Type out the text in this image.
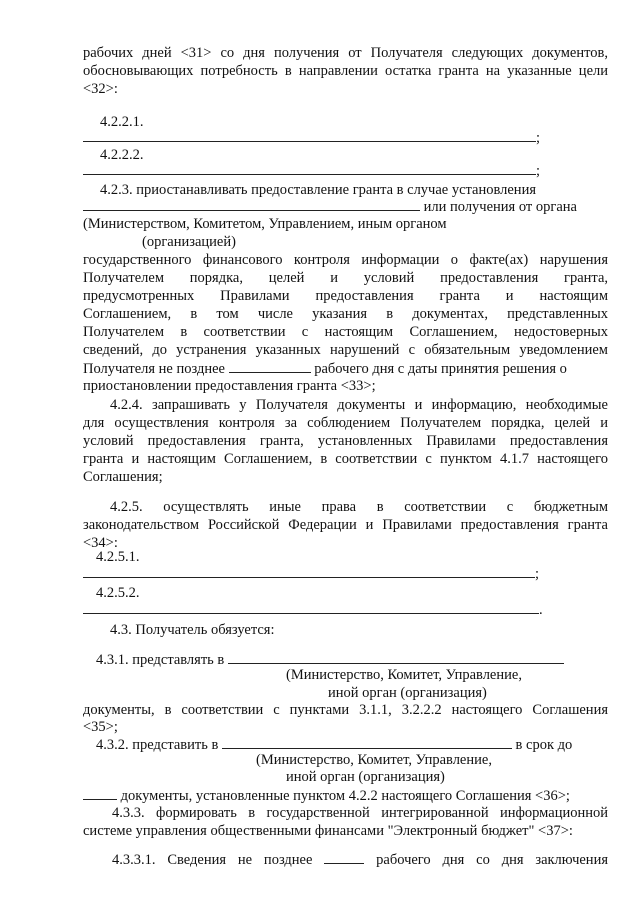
рабочих дней <31> со дня получения от Получателя следующих документов,
обосновывающих потребность в направлении остатка гранта на указанные цели
<32>:
4.2.2.1.
;
4.2.2.2.
;
4.2.3. приостанавливать предоставление гранта в случае установления
или получения от органа
(Министерством, Комитетом, Управлением, иным органом
(организацией)
государственного финансового контроля информации о факте(ах) нарушения
Получателем порядка, целей и условий предоставления гранта,
предусмотренных Правилами предоставления гранта и настоящим
Соглашением, в том числе указания в документах, представленных
Получателем в соответствии с настоящим Соглашением, недостоверных
сведений, до устранения указанных нарушений с обязательным уведомлением
Получателя не позднее	рабочего дня с даты принятия решения о
приостановлении предоставления гранта <33>;
4.2.4. запрашивать у Получателя документы и информацию, необходимые
для осуществления контроля за соблюдением Получателем порядка, целей и
условий предоставления гранта, установленных Правилами предоставления
гранта и настоящим Соглашением, в соответствии с пунктом 4.1.7 настоящего
Соглашения;
4.2.5. осуществлять иные права в соответствии с бюджетным
законодательством Российской Федерации и Правилами предоставления гранта
<34>:
4.2.5.1.
;
4.2.5.2.
.
4.3. Получатель обязуется:
4.3.1. представлять в
(Министерство, Комитет, Управление,
иной орган (организация)
документы, в соответствии с пунктами 3.1.1, 3.2.2.2 настоящего Соглашения
<35>;
4.3.2. представить в	в срок до
(Министерство, Комитет, Управление,
иной орган (организация)
документы, установленные пунктом 4.2.2 настоящего Соглашения <36>;
4.3.3. формировать в государственной интегрированной информационной
системе управления общественными финансами "Электронный бюджет" <37>:
4.3.3.1. Сведения не позднее	рабочего дня со дня заключения
